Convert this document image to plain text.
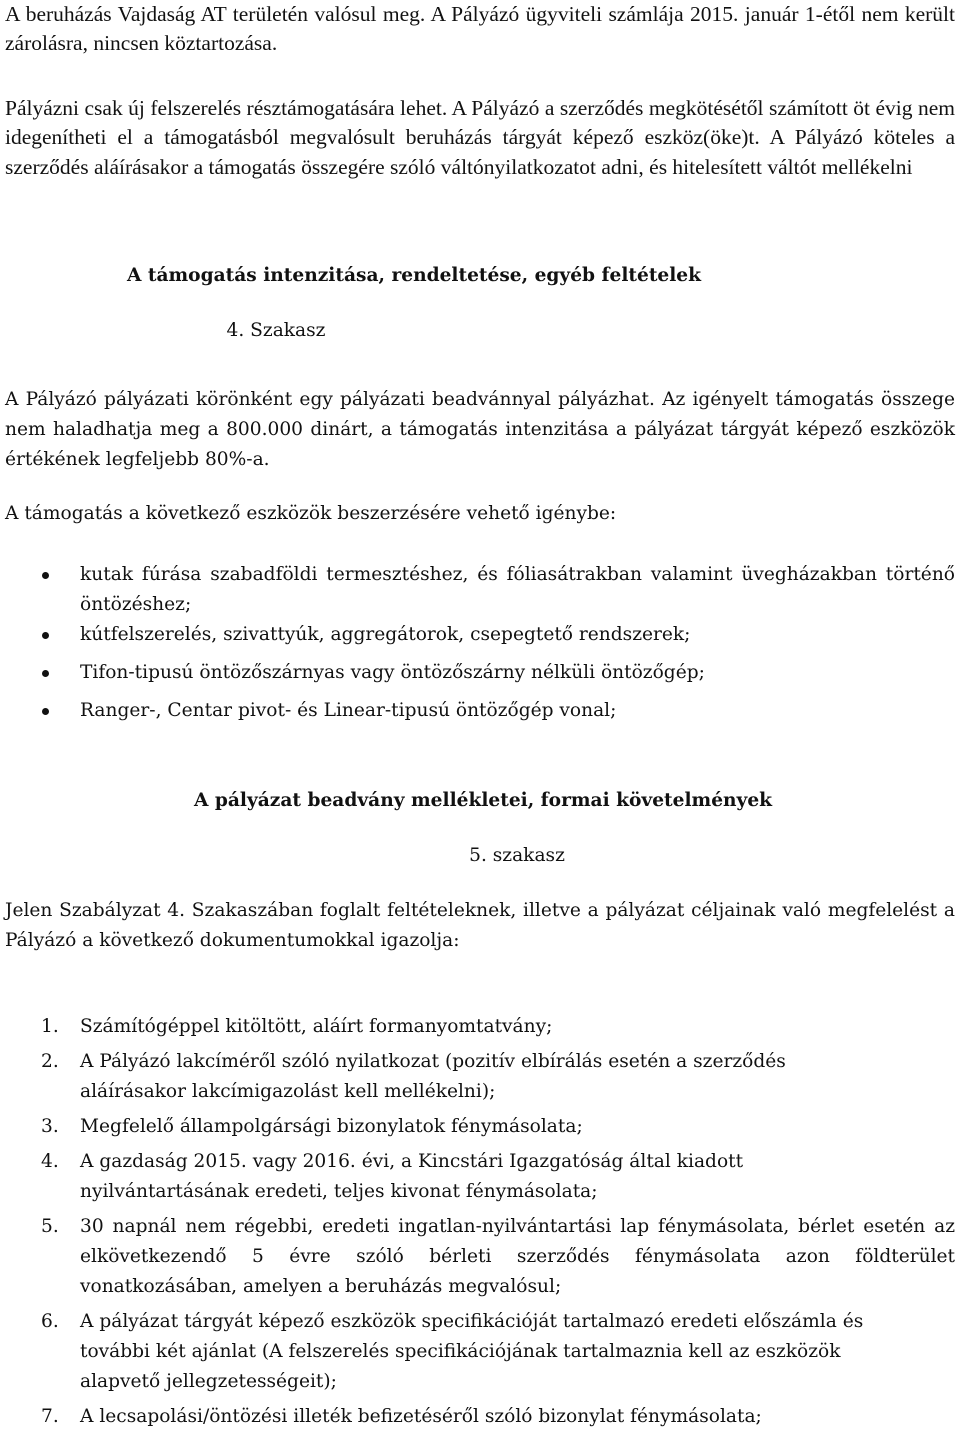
A beruházás Vajdaság AT területén valósul meg. A Pályázó ügyviteli számlája 2015. január 1-étől nem került zárolásra, nincsen köztartozása.

Pályázni csak új felszerelés résztámogatására lehet. A Pályázó a szerződés megkötésétől számított öt évig nem idegenítheti el a támogatásból megvalósult beruházás tárgyát képező eszköz(öke)t. A Pályázó köteles a szerződés aláírásakor a támogatás összegére szóló váltónyilatkozatot adni, és hitelesített váltót mellékelni

A támogatás intenzitása, rendeltetése, egyéb feltételek

4. Szakasz

A Pályázó pályázati körönként egy pályázati beadvánnyal pályázhat. Az igényelt támogatás összege nem haladhatja meg a 800.000 dinárt, a támogatás intenzitása a pályázat tárgyát képező eszközök értékének legfeljebb 80%-a.

A támogatás a következő eszközök beszerzésére vehető igénybe:

kutak fúrása szabadföldi termesztéshez, és fóliasátrakban valamint üvegházakban történő öntözéshez;
kútfelszerelés, szivattyúk, aggregátorok, csepegtető rendszerek;
Tifon-tipusú öntözőszárnyas vagy öntözőszárny nélküli öntözőgép;
Ranger-, Centar pivot- és Linear-tipusú öntözőgép vonal;

A pályázat beadvány mellékletei, formai követelmények

5. szakasz

Jelen Szabályzat 4. Szakaszában foglalt feltételeknek, illetve a pályázat céljainak való megfelelést a Pályázó a következő dokumentumokkal igazolja:

1. Számítógéppel kitöltött, aláírt formanyomtatvány;
2. A Pályázó lakcíméről szóló nyilatkozat (pozitív elbírálás esetén a szerződés aláírásakor lakcímigazolást kell mellékelni);
3. Megfelelő állampolgársági bizonylatok fénymásolata;
4. A gazdaság 2015. vagy 2016. évi, a Kincstári Igazgatóság által kiadott nyilvántartásának eredeti, teljes kivonat fénymásolata;
5. 30 napnál nem régebbi, eredeti ingatlan-nyilvántartási lap fénymásolata, bérlet esetén az elkövetkezendő 5 évre szóló bérleti szerződés fénymásolata azon földterület vonatkozásában, amelyen a beruházás megvalósul;
6. A pályázat tárgyát képező eszközök specifikációját tartalmazó eredeti előszámla és további két ajánlat (A felszerelés specifikációjának tartalmaznia kell az eszközök alapvető jellegzetességeit);
7. A lecsapolási/öntözési illeték befizetéséről szóló bizonylat fénymásolata;
